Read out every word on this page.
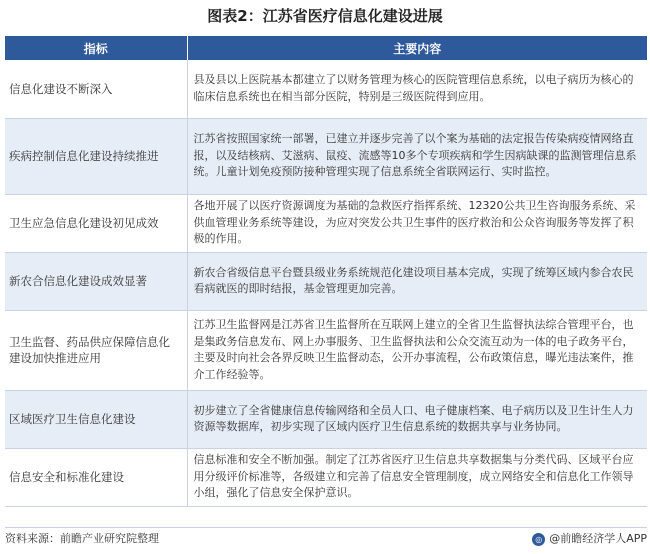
图表2：江苏省医疗信息化建设进展
指标	主要内容
信息化建设不断深入	县及县以上医院基本都建立了以财务管理为核心的医院管理信息系统，以电子病历为核心的临床信息系统也在相当部分医院，特别是三级医院得到应用。
疾病控制信息化建设持续推进	江苏省按照国家统一部署，已建立并逐步完善了以个案为基础的法定报告传染病疫情网络直报，以及结核病、艾滋病、鼠疫、流感等10多个专项疾病和学生因病缺课的监测管理信息系统。儿童计划免疫预防接种管理实现了信息系统全省联网运行、实时监控。
卫生应急信息化建设初见成效	各地开展了以医疗资源调度为基础的急救医疗指挥系统、12320公共卫生咨询服务系统、采供血管理业务系统等建设，为应对突发公共卫生事件的医疗救治和公众咨询服务等发挥了积极的作用。
新农合信息化建设成效显著	新农合省级信息平台暨县级业务系统规范化建设项目基本完成，实现了统筹区域内参合农民看病就医的即时结报，基金管理更加完善。
卫生监督、药品供应保障信息化建设加快推进应用	江苏卫生监督网是江苏省卫生监督所在互联网上建立的全省卫生监督执法综合管理平台，也是集政务信息发布、网上办事服务、卫生监督执法和公众交流互动为一体的电子政务平台，主要及时向社会各界反映卫生监督动态，公开办事流程，公布政策信息，曝光违法案件，推介工作经验等。
区域医疗卫生信息化建设	初步建立了全省健康信息传输网络和全员人口、电子健康档案、电子病历以及卫生计生人力资源等数据库，初步实现了区域内医疗卫生信息系统的数据共享与业务协同。
信息安全和标准化建设	信息标准和安全不断加强。制定了江苏省医疗卫生信息共享数据集与分类代码、区域平台应用分级评价标准等，各级建立和完善了信息安全管理制度，成立网络安全和信息化工作领导小组，强化了信息安全保护意识。
资料来源：前瞻产业研究院整理	◎ @前瞻经济学人APP
